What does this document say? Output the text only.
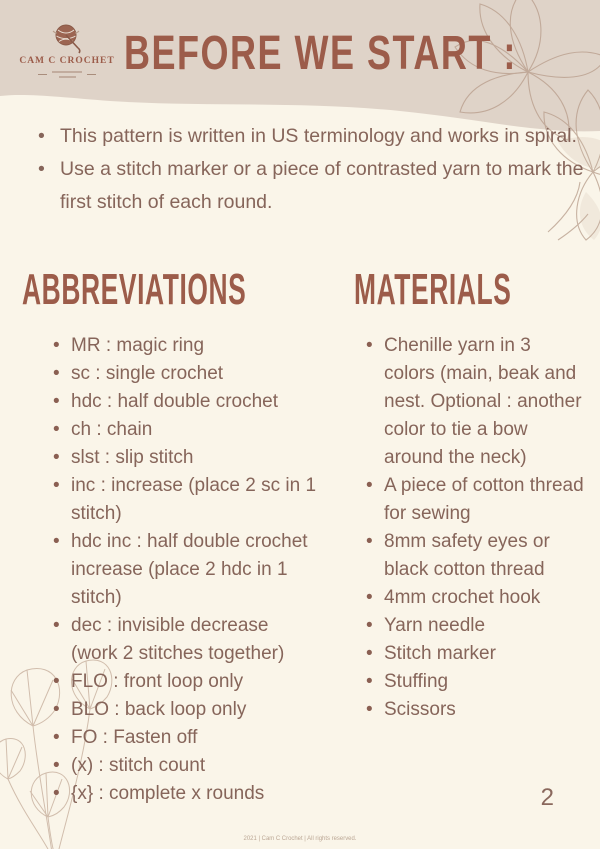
CAM C CROCHET BEFORE WE START :
• This pattern is written in US terminology and works in spiral.
• Use a stitch marker or a piece of contrasted yarn to mark the first stitch of each round.
ABBREVIATIONS
• MR : magic ring
• sc : single crochet
• hdc : half double crochet
• ch : chain
• slst : slip stitch
• inc : increase (place 2 sc in 1 stitch)
• hdc inc : half double crochet increase (place 2 hdc in 1 stitch)
• dec : invisible decrease (work 2 stitches together)
• FLO : front loop only
• BLO : back loop only
• FO : Fasten off
• (x) : stitch count
• {x} : complete x rounds
MATERIALS
• Chenille yarn in 3 colors (main, beak and nest. Optional : another color to tie a bow around the neck)
• A piece of cotton thread for sewing
• 8mm safety eyes or black cotton thread
• 4mm crochet hook
• Yarn needle
• Stitch marker
• Stuffing
• Scissors
2
2021 | Cam C Crochet | All rights reserved.
